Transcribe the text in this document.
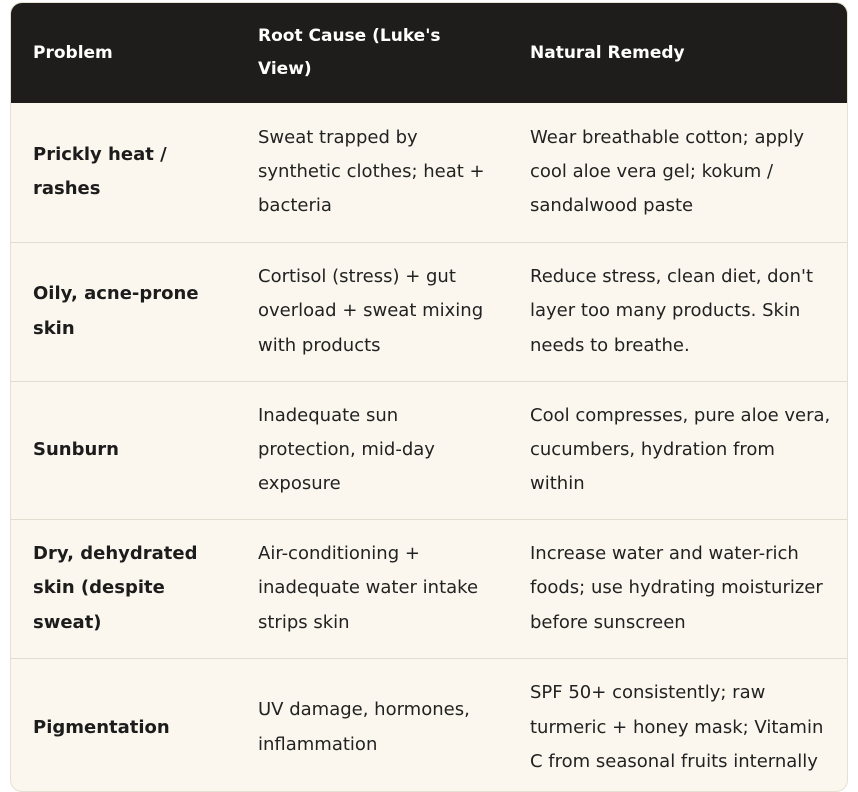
Problem	Root Cause (Luke's View)	Natural Remedy
Prickly heat / rashes	Sweat trapped by synthetic clothes; heat + bacteria	Wear breathable cotton; apply cool aloe vera gel; kokum / sandalwood paste
Oily, acne-prone skin	Cortisol (stress) + gut overload + sweat mixing with products	Reduce stress, clean diet, don't layer too many products. Skin needs to breathe.
Sunburn	Inadequate sun protection, mid-day exposure	Cool compresses, pure aloe vera, cucumbers, hydration from within
Dry, dehydrated skin (despite sweat)	Air-conditioning + inadequate water intake strips skin	Increase water and water-rich foods; use hydrating moisturizer before sunscreen
Pigmentation	UV damage, hormones, inflammation	SPF 50+ consistently; raw turmeric + honey mask; Vitamin C from seasonal fruits internally
